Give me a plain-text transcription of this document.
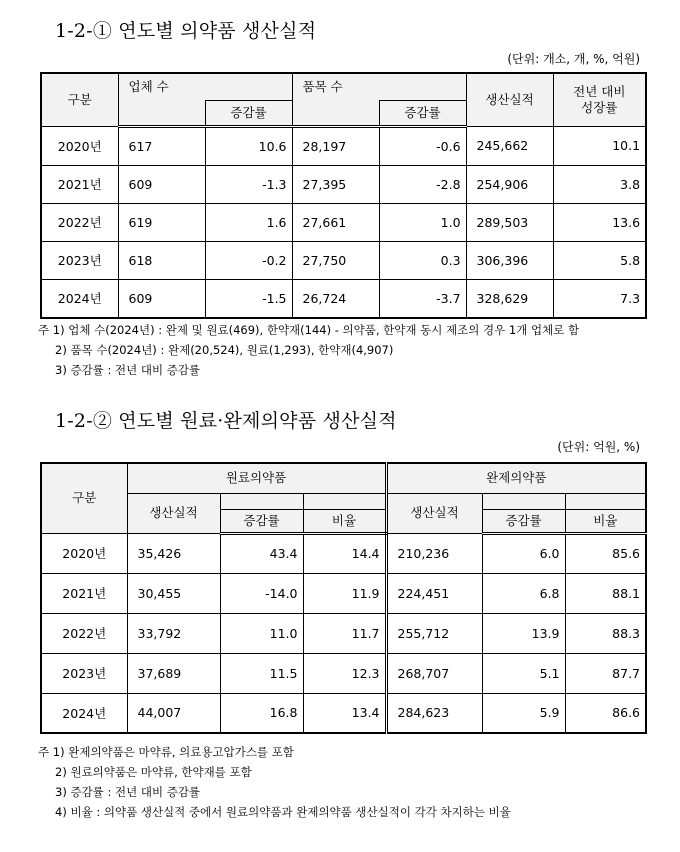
1-2-① 연도별 의약품 생산실적
(단위: 개소, 개, %, 억원)
구분	업체 수		품목 수		생산실적	전년 대비
성장률

		증감률		증감률		
2020년	617	10.6	28,197	-0.6	245,662	10.1
2021년	609	-1.3	27,395	-2.8	254,906	3.8
2022년	619	1.6	27,661	1.0	289,503	13.6
2023년	618	-0.2	27,750	0.3	306,396	5.8
2024년	609	-1.5	26,724	-3.7	328,629	7.3
주 1) 업체 수(2024년) : 완제 및 원료(469), 한약재(144) - 의약품, 한약재 동시 제조의 경우 1개 업체로 함
2) 품목 수(2024년) : 완제(20,524), 원료(1,293), 한약재(4,907)
3) 증감률 : 전년 대비 증감률
1-2-② 연도별 원료·완제의약품 생산실적
(단위: 억원, %)
구분	원료의약품			완제의약품		
	생산실적			생산실적		
		증감률	비율		증감률	비율
2020년	35,426	43.4	14.4	210,236	6.0	85.6
2021년	30,455	-14.0	11.9	224,451	6.8	88.1
2022년	33,792	11.0	11.7	255,712	13.9	88.3
2023년	37,689	11.5	12.3	268,707	5.1	87.7
2024년	44,007	16.8	13.4	284,623	5.9	86.6
주 1) 완제의약품은 마약류, 의료용고압가스를 포함
2) 원료의약품은 마약류, 한약재를 포함
3) 증감률 : 전년 대비 증감률
4) 비율 : 의약품 생산실적 중에서 원료의약품과 완제의약품 생산실적이 각각 차지하는 비율
